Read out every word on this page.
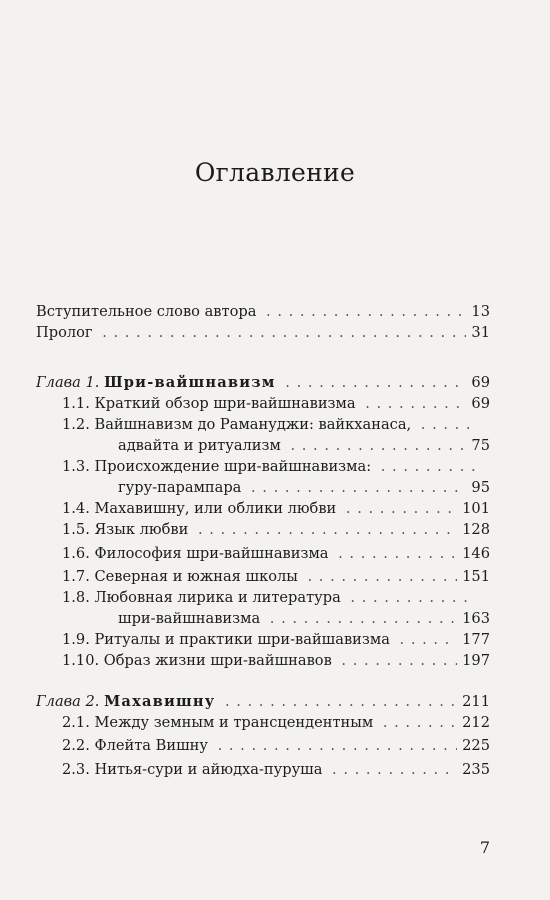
Оглавление
Вступительное слово автора . . .	13
Пролог . . .	31
Глава 1. Шри-вайшнавизм . . .	69
1.1. Краткий обзор шри-вайшнавизма . . .	69
1.2. Вайшнавизм до Рамануджи: вайкханаса, . . .
адвайта и ритуализм . . .	75
1.3. Происхождение шри-вайшнавизма: . . .
гуру-парампара . . .	95
1.4. Махавишну, или облики любви . . .	101
1.5. Язык любви . . .	128
1.6. Философия шри-вайшнавизма . . .	146
1.7. Северная и южная школы . . .	151
1.8. Любовная лирика и литература . . .
шри-вайшнавизма . . .	163
1.9. Ритуалы и практики шри-вайшавизма . . .	177
1.10. Образ жизни шри-вайшнавов . . .	197
Глава 2. Махавишну . . .	211
2.1. Между земным и трансцендентным . . .	212
2.2. Флейта Вишну . . .	225
2.3. Нитья-сури и айюдха-пуруша . . .	235
7
